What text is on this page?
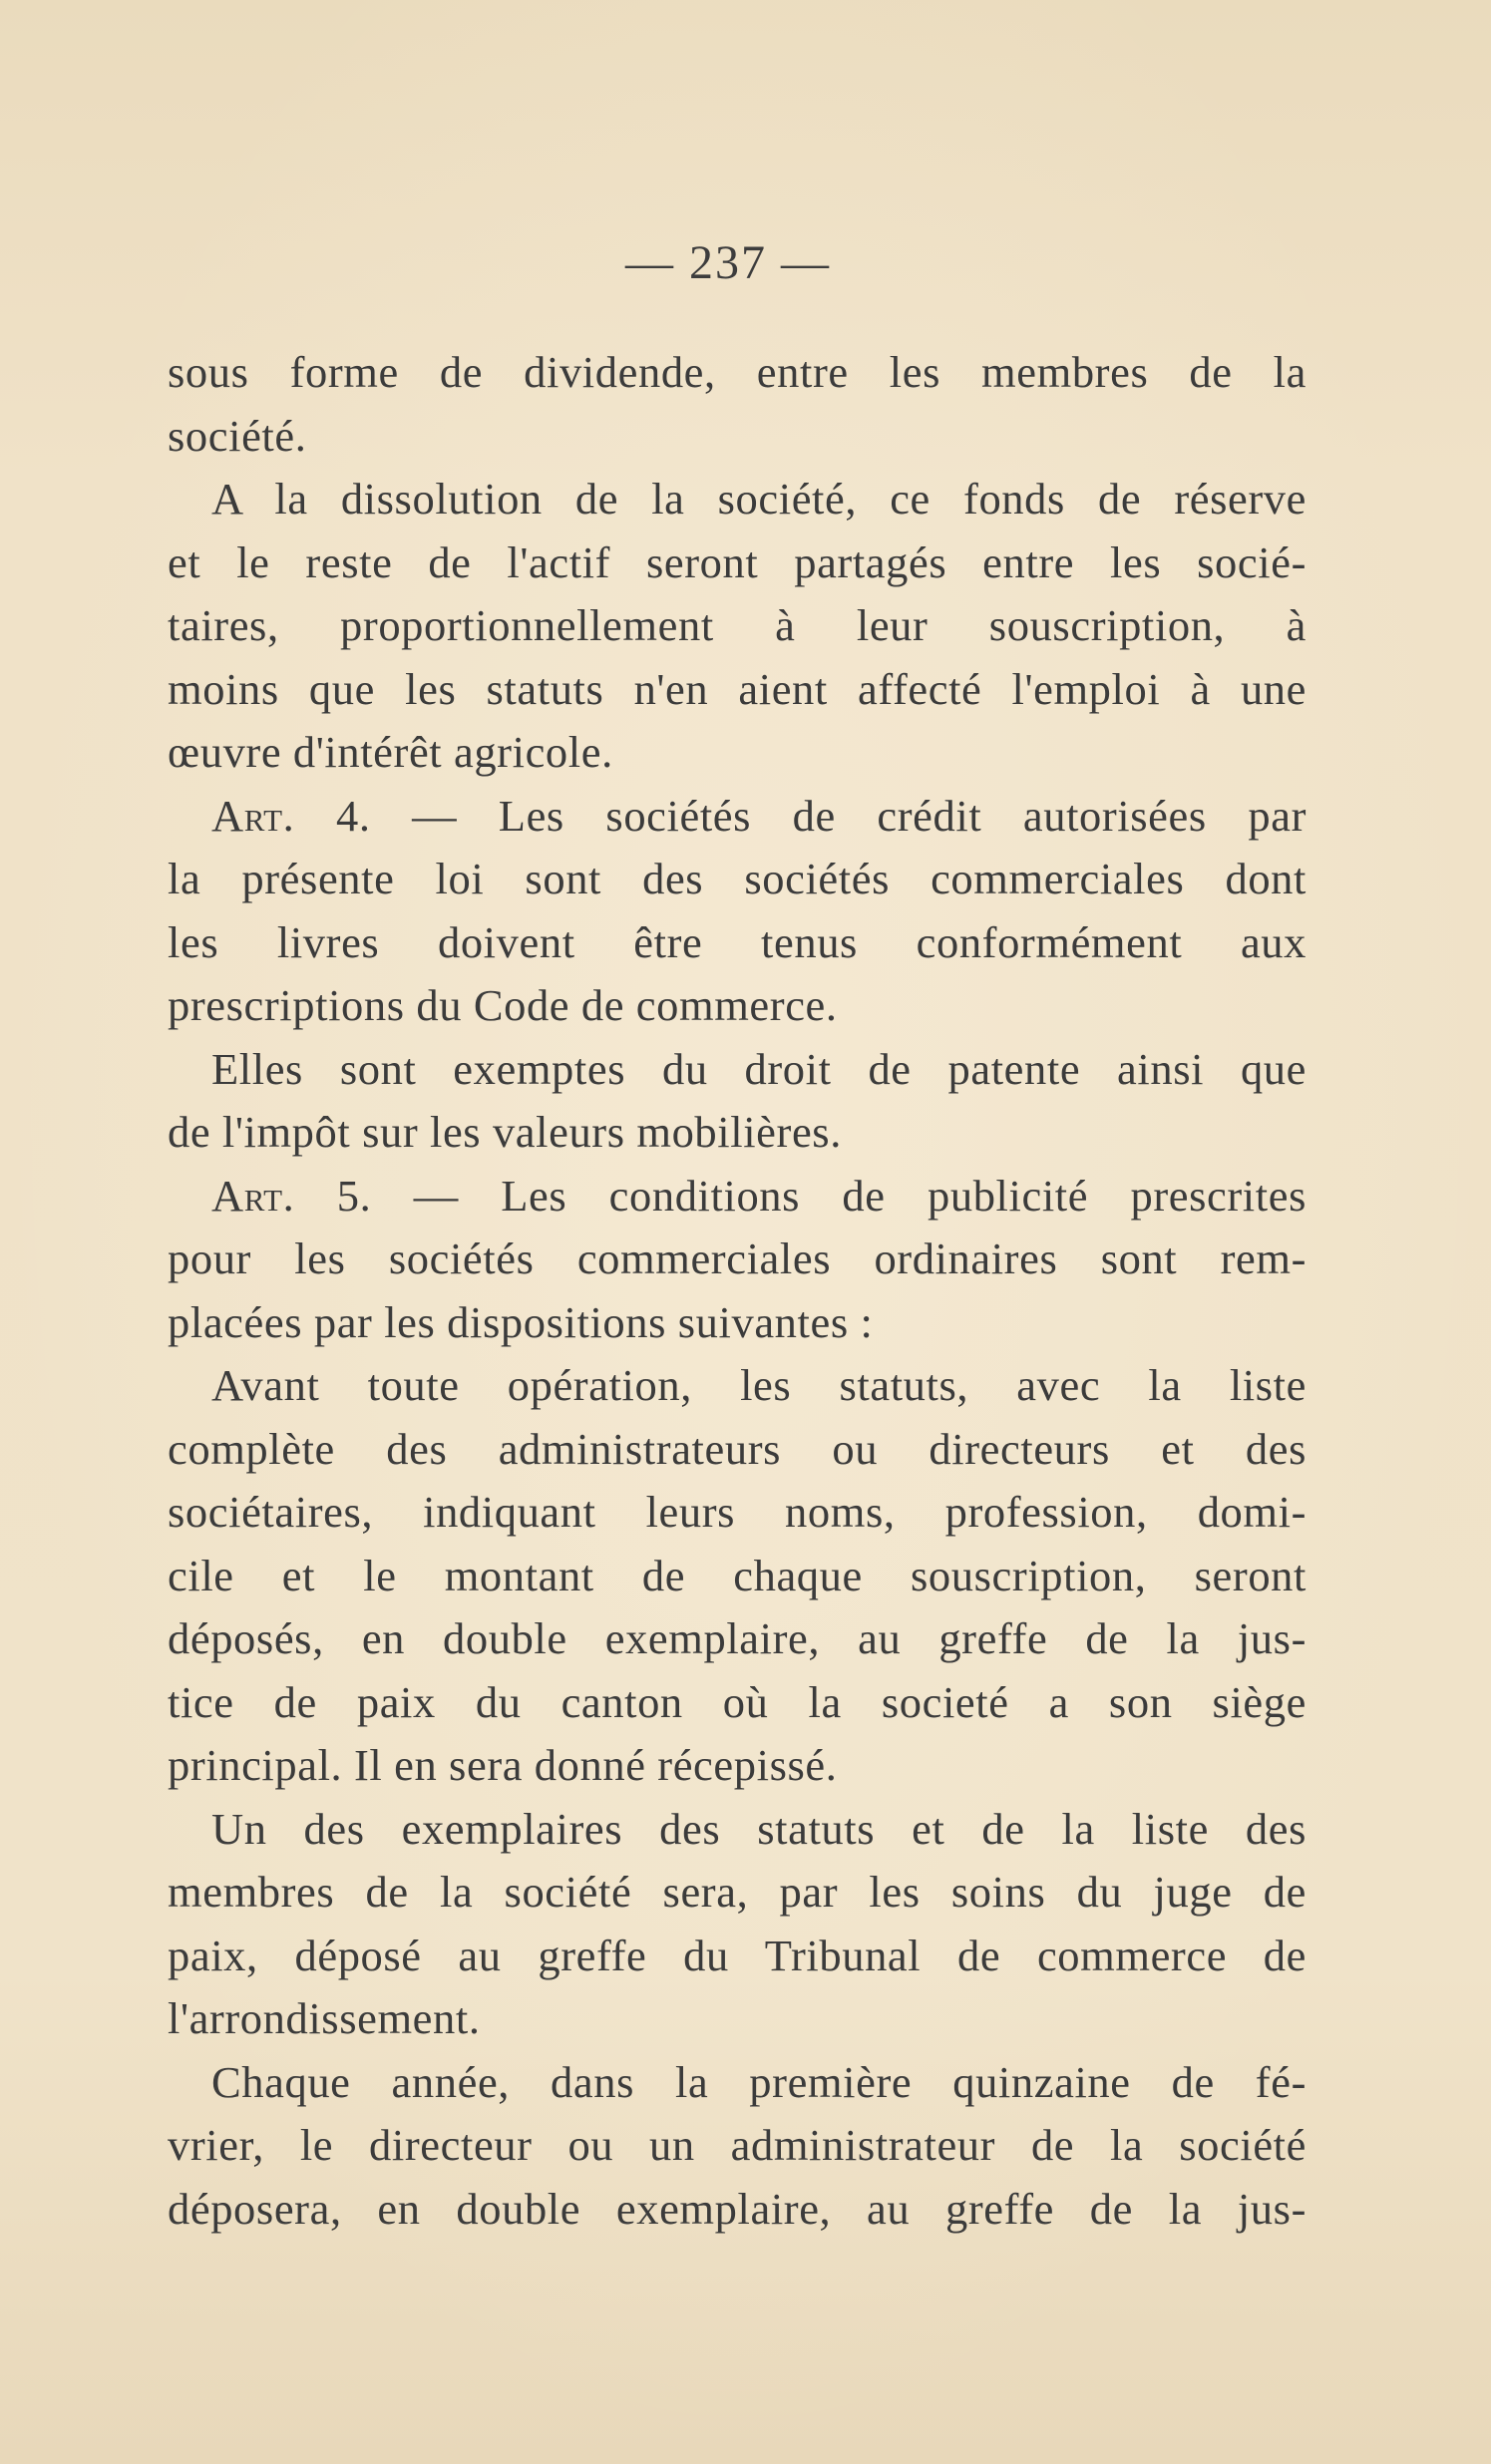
— 237 —
sous forme de dividende, entre les membres de la
société.
A la dissolution de la société, ce fonds de réserve
et le reste de l'actif seront partagés entre les socié-
taires, proportionnellement à leur souscription, à
moins que les statuts n'en aient affecté l'emploi à une
œuvre d'intérêt agricole.
Art. 4. — Les sociétés de crédit autorisées par
la présente loi sont des sociétés commerciales dont
les livres doivent être tenus conformément aux
prescriptions du Code de commerce.
Elles sont exemptes du droit de patente ainsi que
de l'impôt sur les valeurs mobilières.
Art. 5. — Les conditions de publicité prescrites
pour les sociétés commerciales ordinaires sont rem-
placées par les dispositions suivantes :
Avant toute opération, les statuts, avec la liste
complète des administrateurs ou directeurs et des
sociétaires, indiquant leurs noms, profession, domi-
cile et le montant de chaque souscription, seront
déposés, en double exemplaire, au greffe de la jus-
tice de paix du canton où la societé a son siège
principal. Il en sera donné récepissé.
Un des exemplaires des statuts et de la liste des
membres de la société sera, par les soins du juge de
paix, déposé au greffe du Tribunal de commerce de
l'arrondissement.
Chaque année, dans la première quinzaine de fé-
vrier, le directeur ou un administrateur de la société
déposera, en double exemplaire, au greffe de la jus-
